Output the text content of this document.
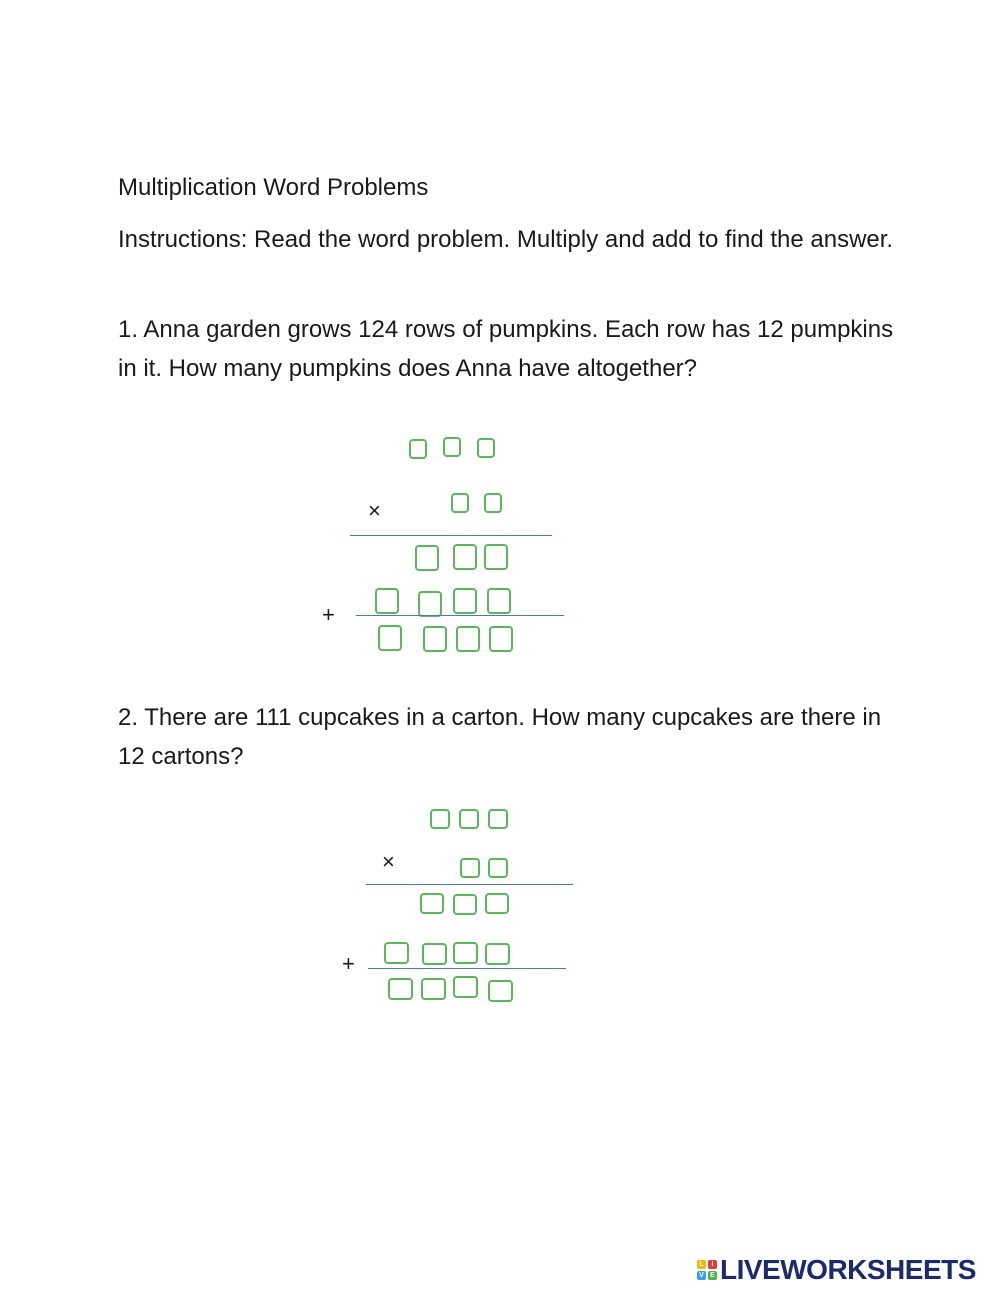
Multiplication Word Problems

Instructions: Read the word problem. Multiply and add to find the answer.

1. Anna garden grows 124 rows of pumpkins. Each row has 12 pumpkins in it. How many pumpkins does Anna have altogether?

×
+

2. There are 111 cupcakes in a carton. How many cupcakes are there in 12 cartons?

×
+
L	I
V E LIVEWORKSHEETS
